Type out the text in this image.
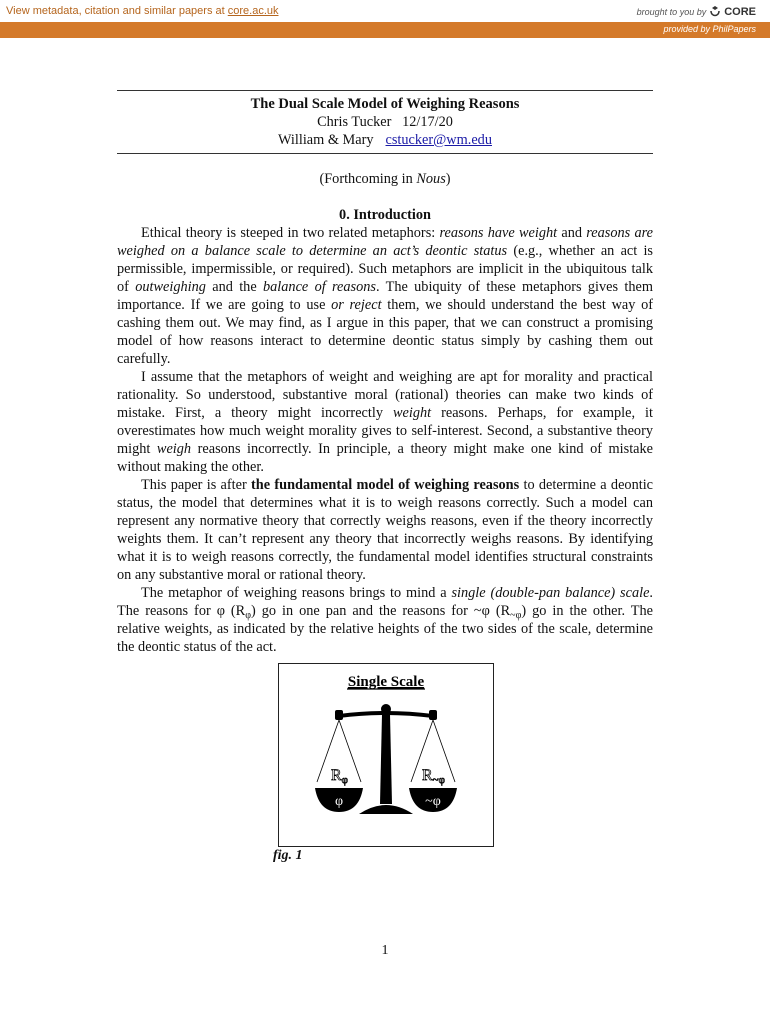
View metadata, citation and similar papers at core.ac.uk	brought to you by CORE
provided by PhilPapers
The Dual Scale Model of Weighing Reasons
Chris Tucker 12/17/20
William & Mary cstucker@wm.edu
(Forthcoming in Nous)
0. Introduction

Ethical theory is steeped in two related metaphors: reasons have weight and reasons are weighed on a balance scale to determine an act’s deontic status (e.g., whether an act is permissible, impermissible, or required). Such metaphors are implicit in the ubiquitous talk of outweighing and the balance of reasons. The ubiquity of these metaphors gives them importance. If we are going to use or reject them, we should understand the best way of cashing them out. We may find, as I argue in this paper, that we can construct a promising model of how reasons interact to determine deontic status simply by cashing them out carefully.

I assume that the metaphors of weight and weighing are apt for morality and practical rationality. So understood, substantive moral (rational) theories can make two kinds of mistake. First, a theory might incorrectly weight reasons. Perhaps, for example, it overestimates how much weight morality gives to self-interest. Second, a substantive theory might weigh reasons incorrectly. In principle, a theory might make one kind of mistake without making the other.

This paper is after the fundamental model of weighing reasons to determine a deontic status, the model that determines what it is to weigh reasons correctly. Such a model can represent any normative theory that correctly weighs reasons, even if the theory incorrectly weights them. It can’t represent any theory that incorrectly weighs reasons. By identifying what it is to weigh reasons correctly, the fundamental model identifies structural constraints on any substantive moral or rational theory.

The metaphor of weighing reasons brings to mind a single (double-pan balance) scale. The reasons for φ $(R_\varphi)$ go in one pan and the reasons for ~φ $(R_{\sim\varphi})$ go in the other. The relative weights, as indicated by the relative heights of the two sides of the scale, determine the deontic status of the act.

Single Scale
Rφ	R~φ
φ	~φ
fig. 1
1
